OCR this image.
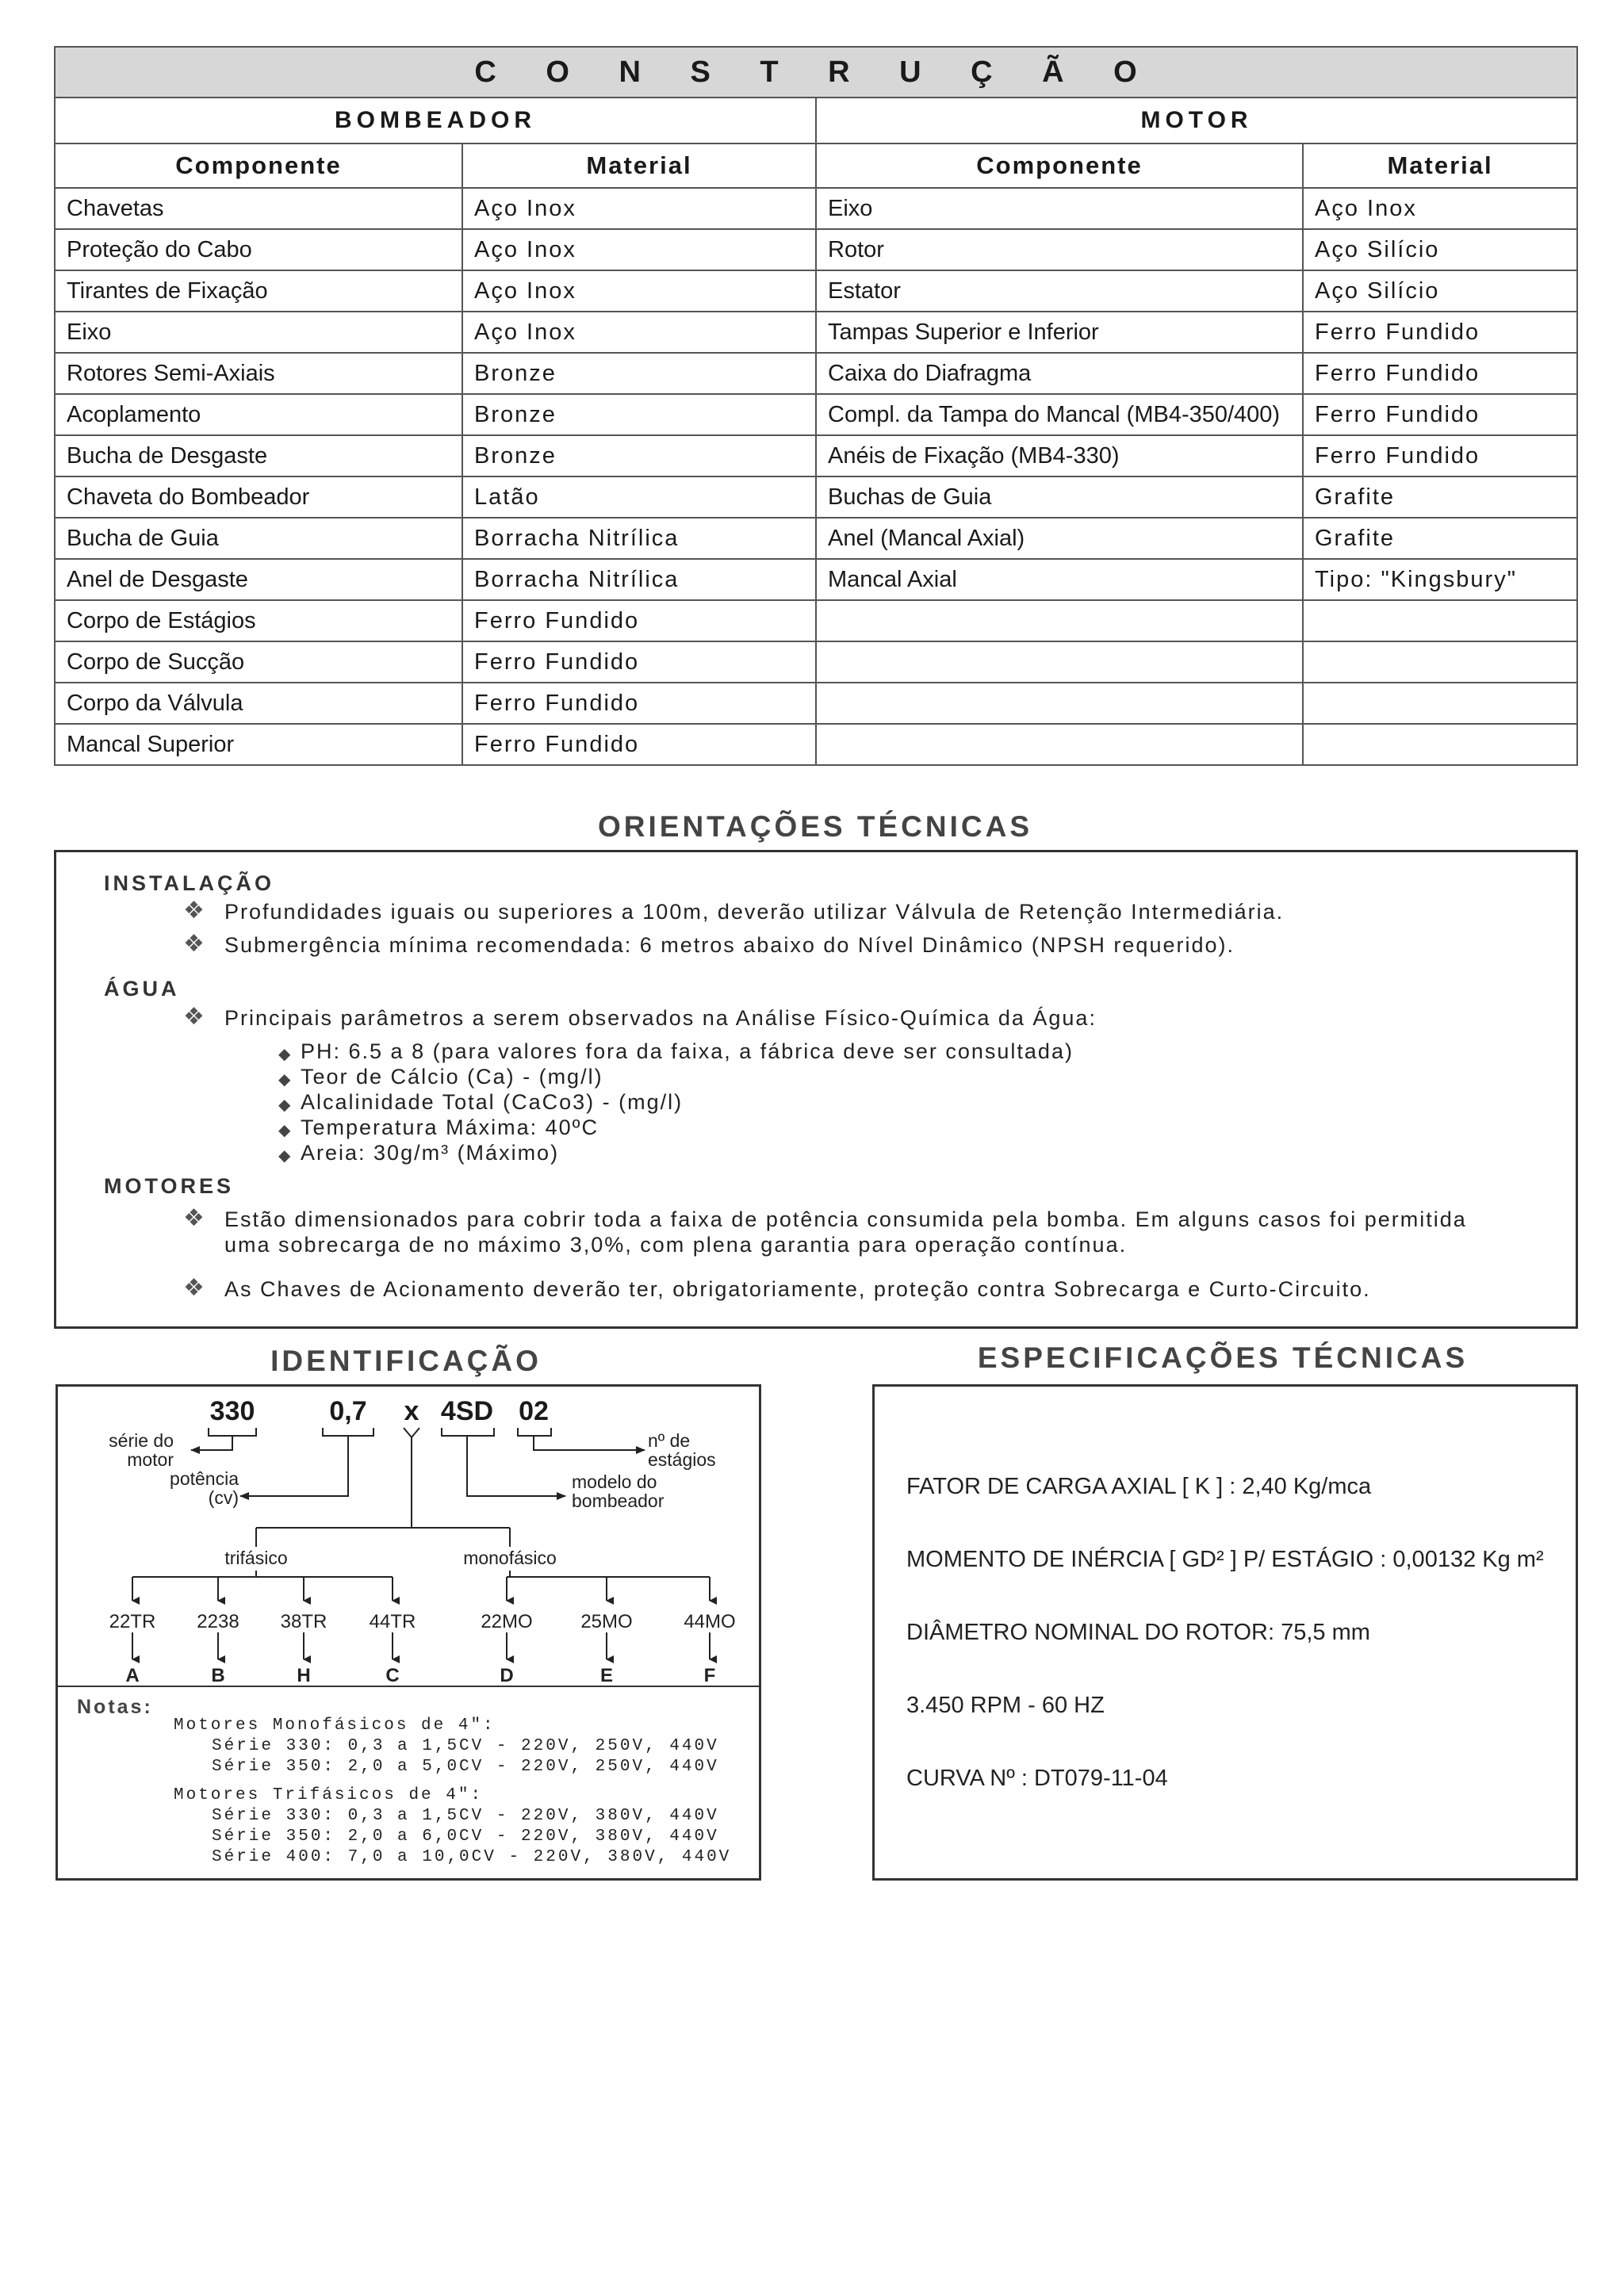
C O N S T R U Ç Ã O			
BOMBEADOR		MOTOR	
Componente	Material	Componente	Material
Chavetas	Aço Inox	Eixo	Aço Inox
Proteção do Cabo	Aço Inox	Rotor	Aço Silício
Tirantes de Fixação	Aço Inox	Estator	Aço Silício
Eixo	Aço Inox	Tampas Superior e Inferior	Ferro Fundido
Rotores Semi-Axiais	Bronze	Caixa do Diafragma	Ferro Fundido
Acoplamento	Bronze	Compl. da Tampa do Mancal (MB4-350/400)	Ferro Fundido
Bucha de Desgaste	Bronze	Anéis de Fixação (MB4-330)	Ferro Fundido
Chaveta do Bombeador	Latão	Buchas de Guia	Grafite
Bucha de Guia	Borracha Nitrílica	Anel (Mancal Axial)	Grafite
Anel de Desgaste	Borracha Nitrílica	Mancal Axial	Tipo: "Kingsbury"
Corpo de Estágios	Ferro Fundido		
Corpo de Sucção	Ferro Fundido		
Corpo da Válvula	Ferro Fundido		
Mancal Superior	Ferro Fundido		
ORIENTAÇÕES TÉCNICAS
INSTALAÇÃO
❖ Profundidades iguais ou superiores a 100m, deverão utilizar Válvula de Retenção Intermediária.
❖ Submergência mínima recomendada: 6 metros abaixo do Nível Dinâmico (NPSH requerido).
ÁGUA
❖ Principais parâmetros a serem observados na Análise Físico-Química da Água:
◆ PH: 6.5 a 8 (para valores fora da faixa, a fábrica deve ser consultada)
◆ Teor de Cálcio (Ca) - (mg/l)
◆ Alcalinidade Total (CaCo3) - (mg/l)
◆ Temperatura Máxima: 40ºC
◆ Areia: 30g/m³ (Máximo)
MOTORES
❖ Estão dimensionados para cobrir toda a faixa de potência consumida pela bomba. Em alguns casos foi permitida
uma sobrecarga de no máximo 3,0%, com plena garantia para operação contínua.
❖ As Chaves de Acionamento deverão ter, obrigatoriamente, proteção contra Sobrecarga e Curto-Circuito.
IDENTIFICAÇÃO
330	0,7 x 4SD 02
série do
motor
potência
(cv)
nº de
estágios
modelo do
bombeador
trifásico	monofásico
22TR 2238 38TR 44TR	22MO	25MO	44MO
A	B	H	C	D	E	F
Notas:
Motores Monofásicos de 4":
Série 330: 0,3 a 1,5CV - 220V, 250V, 440V
Série 350: 2,0 a 5,0CV - 220V, 250V, 440V
Motores Trifásicos de 4":
Série 330: 0,3 a 1,5CV - 220V, 380V, 440V
Série 350: 2,0 a 6,0CV - 220V, 380V, 440V
Série 400: 7,0 a 10,0CV - 220V, 380V, 440V
ESPECIFICAÇÕES TÉCNICAS
FATOR DE CARGA AXIAL [ K ] : 2,40 Kg/mca
MOMENTO DE INÉRCIA [ GD² ] P/ ESTÁGIO : 0,00132 Kg m²
DIÂMETRO NOMINAL DO ROTOR: 75,5 mm
3.450 RPM - 60 HZ
CURVA Nº : DT079-11-04
